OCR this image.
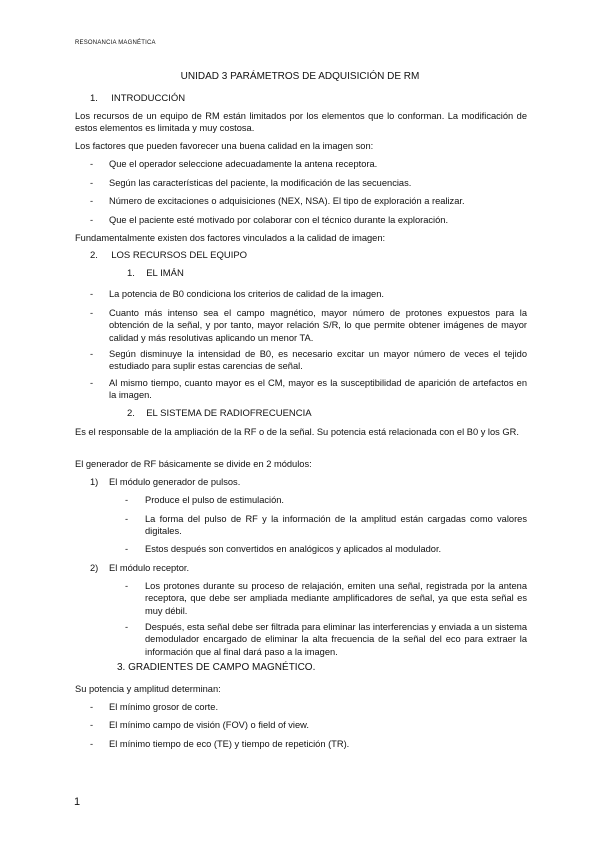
RESONANCIA MAGNÉTICA
UNIDAD 3 PARÁMETROS DE ADQUISICIÓN DE RM
1. INTRODUCCIÓN

Los recursos de un equipo de RM están limitados por los elementos que lo conforman. La modificación de estos elementos es limitada y muy costosa.

Los factores que pueden favorecer una buena calidad en la imagen son:

-	Que el operador seleccione adecuadamente la antena receptora.
-	Según las características del paciente, la modificación de las secuencias.
-	Número de excitaciones o adquisiciones (NEX, NSA). El tipo de exploración a realizar.
-	Que el paciente esté motivado por colaborar con el técnico durante la exploración.

Fundamentalmente existen dos factores vinculados a la calidad de imagen:

2. LOS RECURSOS DEL EQUIPO
1. EL IMÁN
-	La potencia de B0 condiciona los criterios de calidad de la imagen.
-	Cuanto más intenso sea el campo magnético, mayor número de protones expuestos para la obtención de la señal, y por tanto, mayor relación S/R, lo que permite obtener imágenes de mayor calidad y más resolutivas aplicando un menor TA.
-	Según disminuye la intensidad de B0, es necesario excitar un mayor número de veces el tejido estudiado para suplir estas carencias de señal.
-	Al mismo tiempo, cuanto mayor es el CM, mayor es la susceptibilidad de aparición de artefactos en la imagen.
2. EL SISTEMA DE RADIOFRECUENCIA

Es el responsable de la ampliación de la RF o de la señal. Su potencia está relacionada con el B0 y los GR.

El generador de RF básicamente se divide en 2 módulos:

1) El módulo generador de pulsos.
- Produce el pulso de estimulación.
- La forma del pulso de RF y la información de la amplitud están cargadas como valores digitales.
- Estos después son convertidos en analógicos y aplicados al modulador.
2) El módulo receptor.
- Los protones durante su proceso de relajación, emiten una señal, registrada por la antena receptora, que debe ser ampliada mediante amplificadores de señal, ya que esta señal es muy débil.
- Después, esta señal debe ser filtrada para eliminar las interferencias y enviada a un sistema demodulador encargado de eliminar la alta frecuencia de la señal del eco para extraer la información que al final dará paso a la imagen.
3. GRADIENTES DE CAMPO MAGNÉTICO.

Su potencia y amplitud determinan:

-	El mínimo grosor de corte.
-	El mínimo campo de visión (FOV) o field of view.
-	El mínimo tiempo de eco (TE) y tiempo de repetición (TR).
1
